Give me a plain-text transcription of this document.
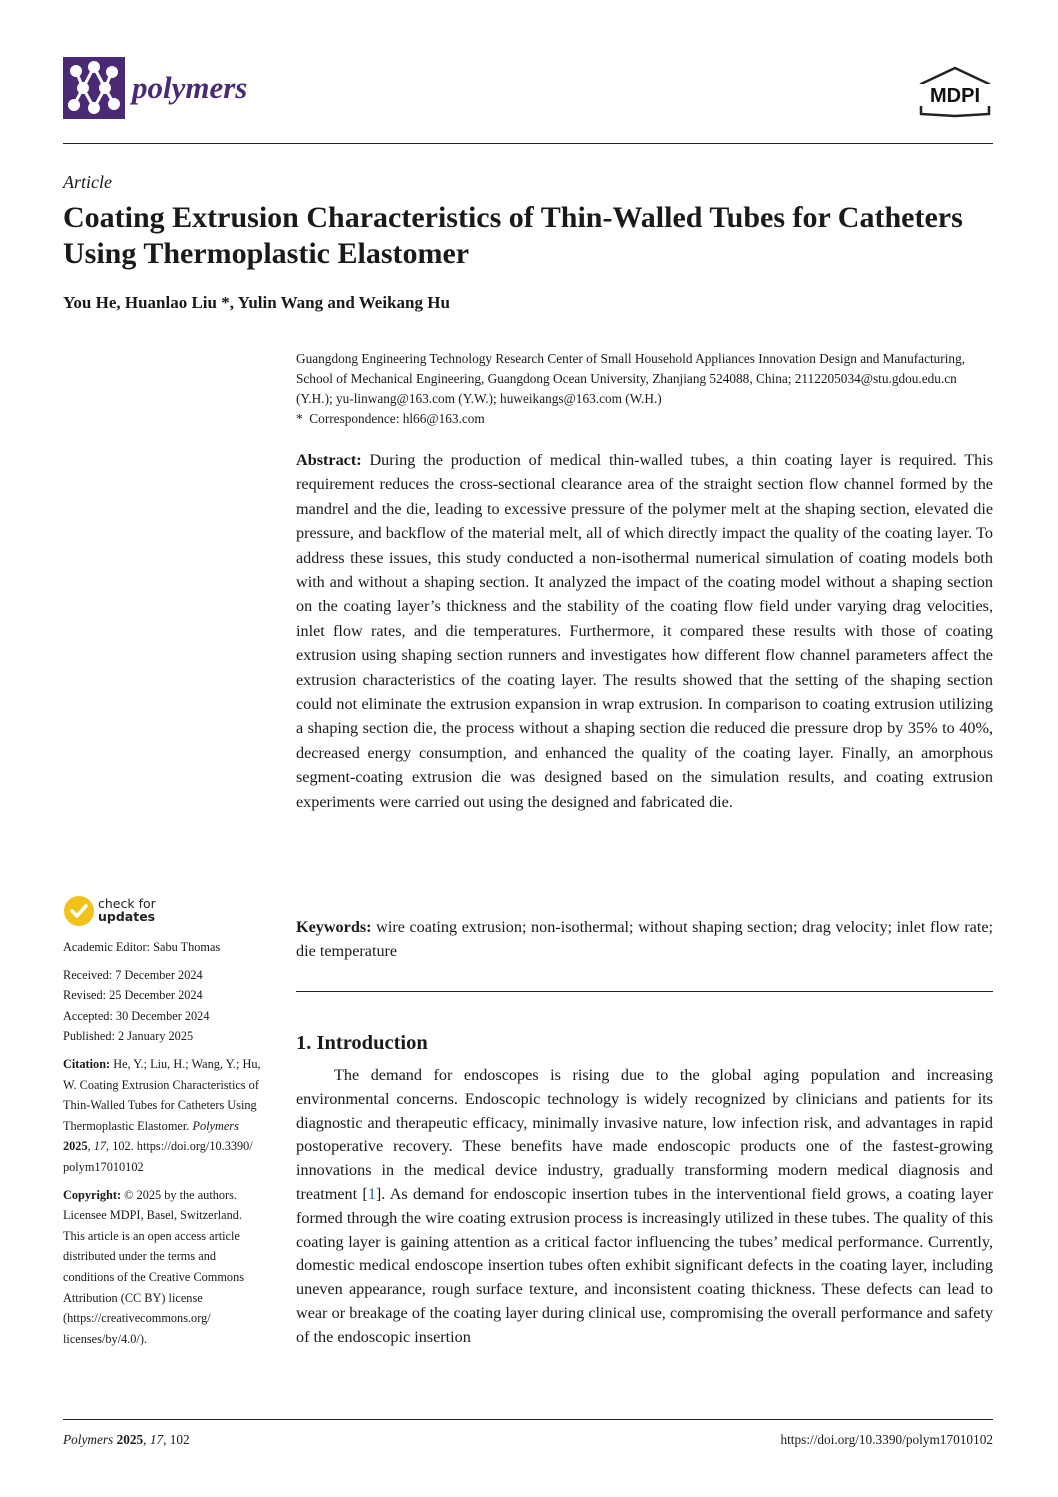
polymers	MDPI
Article
Coating Extrusion Characteristics of Thin-Walled Tubes for Catheters Using Thermoplastic Elastomer
You He, Huanlao Liu *, Yulin Wang and Weikang Hu

Guangdong Engineering Technology Research Center of Small Household Appliances Innovation Design and Manufacturing, School of Mechanical Engineering, Guangdong Ocean University, Zhanjiang 524088, China; 2112205034@stu.gdou.edu.cn (Y.H.); yu-linwang@163.com (Y.W.); huweikangs@163.com (W.H.)

*  Correspondence: hl66@163.com

Abstract: During the production of medical thin-walled tubes, a thin coating layer is required. This requirement reduces the cross-sectional clearance area of the straight section flow channel formed by the mandrel and the die, leading to excessive pressure of the polymer melt at the shaping section, elevated die pressure, and backflow of the material melt, all of which directly impact the quality of the coating layer. To address these issues, this study conducted a non-isothermal numerical simulation of coating models both with and without a shaping section. It analyzed the impact of the coating model without a shaping section on the coating layer’s thickness and the stability of the coating flow field under varying drag velocities, inlet flow rates, and die temperatures. Furthermore, it compared these results with those of coating extrusion using shaping section runners and investigates how different flow channel parameters affect the extrusion characteristics of the coating layer. The results showed that the setting of the shaping section could not eliminate the extrusion expansion in wrap extrusion. In comparison to coating extrusion utilizing a shaping section die, the process without a shaping section die reduced die pressure drop by 35% to 40%, decreased energy consumption, and enhanced the quality of the coating layer. Finally, an amorphous segment-coating extrusion die was designed based on the simulation results, and coating extrusion experiments were carried out using the designed and fabricated die.

Keywords: wire coating extrusion; non-isothermal; without shaping section; drag velocity; inlet flow rate; die temperature

1. Introduction

The demand for endoscopes is rising due to the global aging population and increasing environmental concerns. Endoscopic technology is widely recognized by clinicians and patients for its diagnostic and therapeutic efficacy, minimally invasive nature, low infection risk, and advantages in rapid postoperative recovery. These benefits have made endoscopic products one of the fastest-growing innovations in the medical device industry, gradually transforming modern medical diagnosis and treatment [1]. As demand for endoscopic insertion tubes in the interventional field grows, a coating layer formed through the wire coating extrusion process is increasingly utilized in these tubes. The quality of this coating layer is gaining attention as a critical factor influencing the tubes’ medical performance. Currently, domestic medical endoscope insertion tubes often exhibit significant defects in the coating layer, including uneven appearance, rough surface texture, and inconsistent coating thickness. These defects can lead to wear or breakage of the coating layer during clinical use, compromising the overall performance and safety of the endoscopic insertion

check for
updates

Academic Editor: Sabu Thomas

Received: 7 December 2024

Revised: 25 December 2024

Accepted: 30 December 2024

Published: 2 January 2025

Citation: He, Y.; Liu, H.; Wang, Y.; Hu, W. Coating Extrusion Characteristics of Thin-Walled Tubes for Catheters Using Thermoplastic Elastomer. Polymers 2025, 17, 102. https://doi.org/10.3390/ polym17010102

Copyright: © 2025 by the authors. Licensee MDPI, Basel, Switzerland. This article is an open access article distributed under the terms and conditions of the Creative Commons Attribution (CC BY) license (https://creativecommons.org/ licenses/by/4.0/).

Polymers 2025, 17, 102	https://doi.org/10.3390/polym17010102
